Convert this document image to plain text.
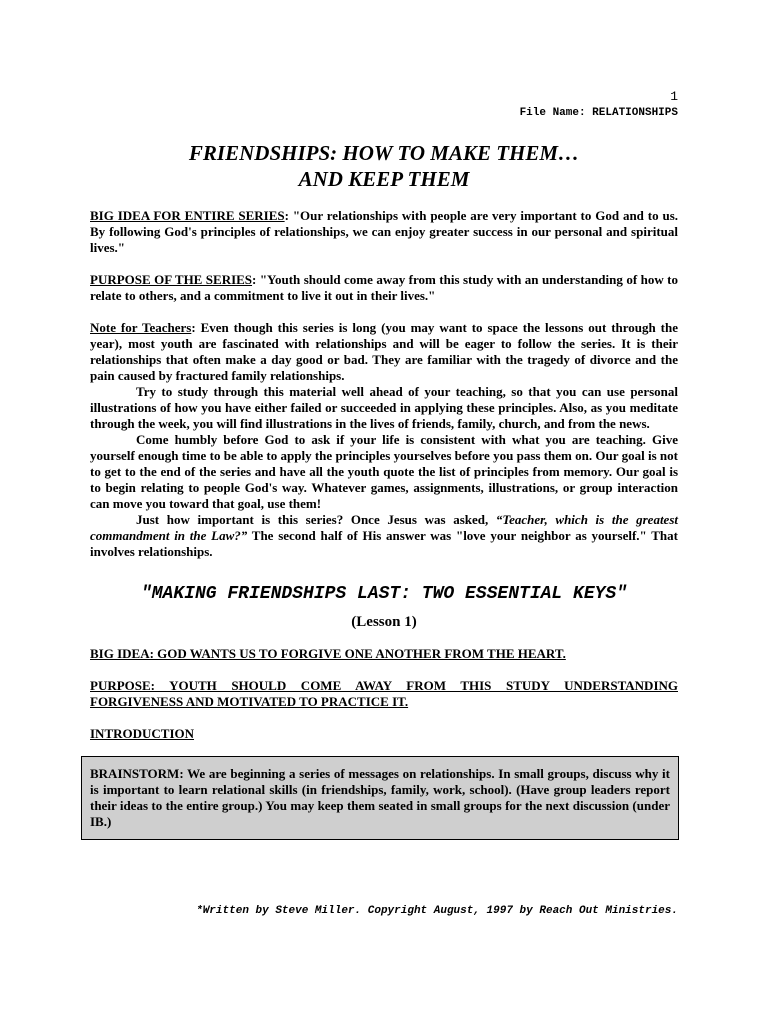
1
File Name: RELATIONSHIPS
FRIENDSHIPS: HOW TO MAKE THEM…
AND KEEP THEM
BIG IDEA FOR ENTIRE SERIES: "Our relationships with people are very important to God and to us. By following God's principles of relationships, we can enjoy greater success in our personal and spiritual lives."
PURPOSE OF THE SERIES: "Youth should come away from this study with an understanding of how to relate to others, and a commitment to live it out in their lives."
Note for Teachers: Even though this series is long (you may want to space the lessons out through the year), most youth are fascinated with relationships and will be eager to follow the series. It is their relationships that often make a day good or bad. They are familiar with the tragedy of divorce and the pain caused by fractured family relationships.
Try to study through this material well ahead of your teaching, so that you can use personal illustrations of how you have either failed or succeeded in applying these principles. Also, as you meditate through the week, you will find illustrations in the lives of friends, family, church, and from the news.
Come humbly before God to ask if your life is consistent with what you are teaching. Give yourself enough time to be able to apply the principles yourselves before you pass them on. Our goal is not to get to the end of the series and have all the youth quote the list of principles from memory. Our goal is to begin relating to people God's way. Whatever games, assignments, illustrations, or group interaction can move you toward that goal, use them!
Just how important is this series? Once Jesus was asked, “Teacher, which is the greatest commandment in the Law?” The second half of His answer was "love your neighbor as yourself." That involves relationships.
"MAKING FRIENDSHIPS LAST: TWO ESSENTIAL KEYS"
(Lesson 1)
BIG IDEA: GOD WANTS US TO FORGIVE ONE ANOTHER FROM THE HEART.
PURPOSE: YOUTH SHOULD COME AWAY FROM THIS STUDY UNDERSTANDING FORGIVENESS AND MOTIVATED TO PRACTICE IT.
INTRODUCTION
BRAINSTORM: We are beginning a series of messages on relationships. In small groups, discuss why it is important to learn relational skills (in friendships, family, work, school). (Have group leaders report their ideas to the entire group.) You may keep them seated in small groups for the next discussion (under IB.)
*Written by Steve Miller. Copyright August, 1997 by Reach Out Ministries.
